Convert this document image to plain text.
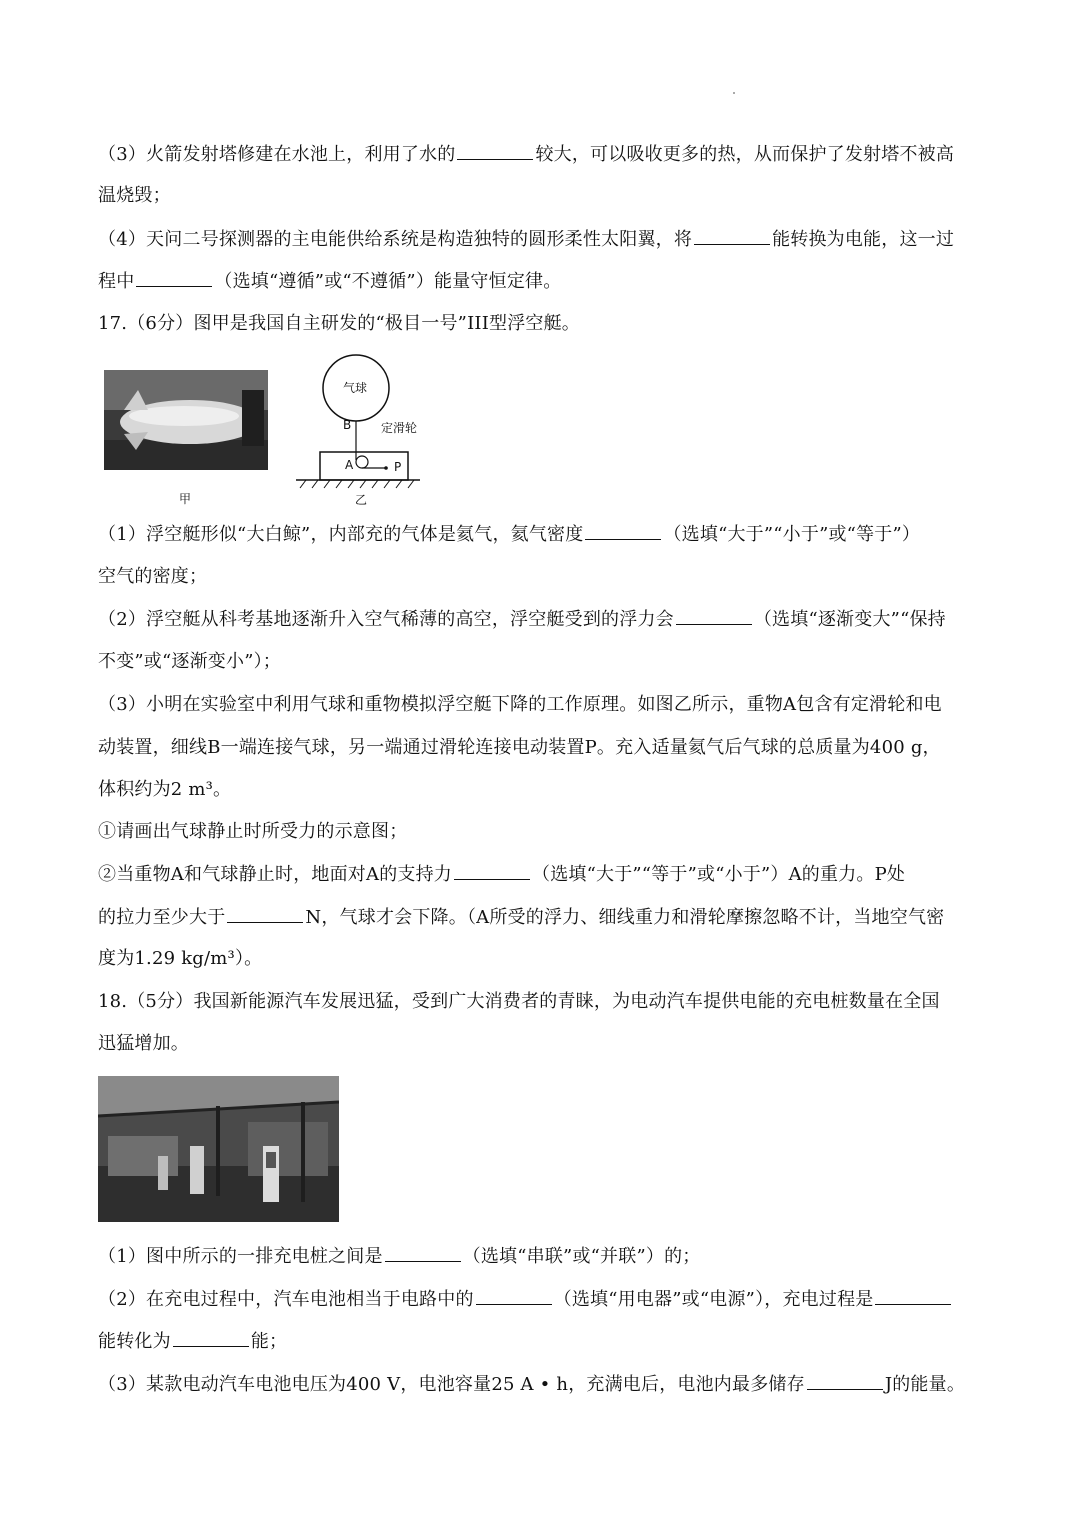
（3）火箭发射塔修建在水池上，利用了水的	较大，可以吸收更多的热，从而保护了发射塔不被高
温烧毁；
（4）天问二号探测器的主电能供给系统是构造独特的圆形柔性太阳翼，将	能转换为电能，这一过
程中	（选填“遵循”或“不遵循”）能量守恒定律。
17.（6分）图甲是我国自主研发的“极目一号”III型浮空艇。
甲
气球
B 定滑轮
A	P
乙
（1）浮空艇形似“大白鲸”，内部充的气体是氦气，氦气密度	（选填“大于”“小于”或“等于”）
空气的密度；
（2）浮空艇从科考基地逐渐升入空气稀薄的高空，浮空艇受到的浮力会	（选填“逐渐变大”“保持
不变”或“逐渐变小”）；
（3）小明在实验室中利用气球和重物模拟浮空艇下降的工作原理。如图乙所示，重物A包含有定滑轮和电
动装置，细线B一端连接气球，另一端通过滑轮连接电动装置P。充入适量氦气后气球的总质量为400 g，
体积约为2 m³。
①请画出气球静止时所受力的示意图；
②当重物A和气球静止时，地面对A的支持力	（选填“大于”“等于”或“小于”）A的重力。P处
的拉力至少大于	N，气球才会下降。（A所受的浮力、细线重力和滑轮摩擦忽略不计，当地空气密
度为1.29 kg/m³）。
18.（5分）我国新能源汽车发展迅猛，受到广大消费者的青睐，为电动汽车提供电能的充电桩数量在全国
迅猛增加。
（1）图中所示的一排充电桩之间是	（选填“串联”或“并联”）的；
（2）在充电过程中，汽车电池相当于电路中的	（选填“用电器”或“电源”），充电过程是
能转化为	能；
（3）某款电动汽车电池电压为400 V，电池容量25 A • h，充满电后，电池内最多储存	J的能量。
